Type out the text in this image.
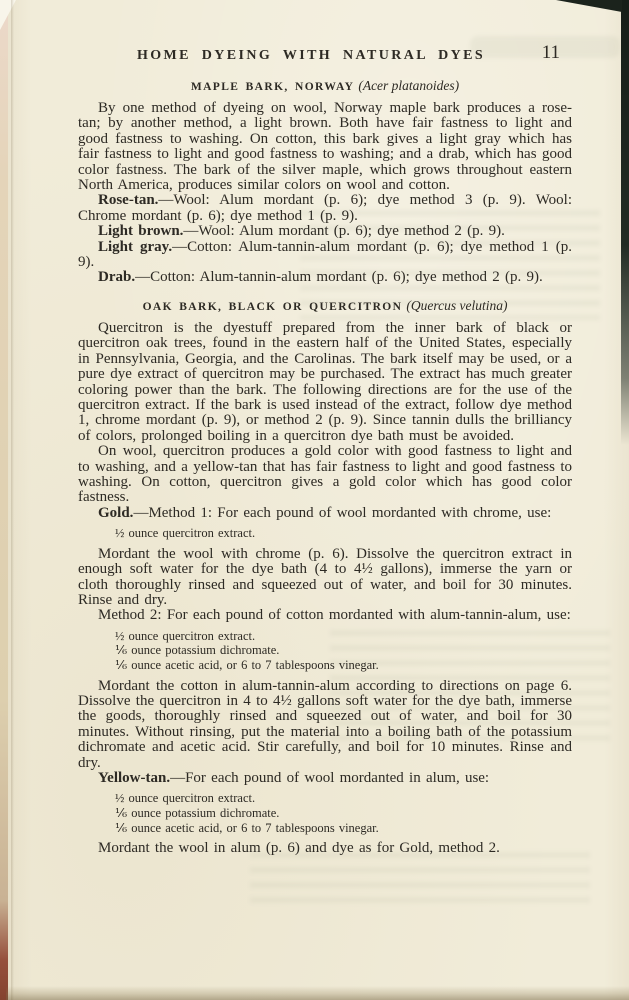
HOME DYEING WITH NATURAL DYES	11
MAPLE BARK, NORWAY (Acer platanoides)

By one method of dyeing on wool, Norway maple bark produces a rose-tan; by another method, a light brown. Both have fair fastness to light and good fastness to washing. On cotton, this bark gives a light gray which has fair fastness to light and good fastness to washing; and a drab, which has good color fastness. The bark of the silver maple, which grows throughout eastern North America, produces similar colors on wool and cotton.

Rose-tan.—Wool: Alum mordant (p. 6); dye method 3 (p. 9). Wool: Chrome mordant (p. 6); dye method 1 (p. 9).

Light brown.—Wool: Alum mordant (p. 6); dye method 2 (p. 9).

Light gray.—Cotton: Alum-tannin-alum mordant (p. 6); dye method 1 (p. 9).

Drab.—Cotton: Alum-tannin-alum mordant (p. 6); dye method 2 (p. 9).

OAK BARK, BLACK OR QUERCITRON (Quercus velutina)

Quercitron is the dyestuff prepared from the inner bark of black or quercitron oak trees, found in the eastern half of the United States, especially in Pennsylvania, Georgia, and the Carolinas. The bark itself may be used, or a pure dye extract of quercitron may be purchased. The extract has much greater coloring power than the bark. The following directions are for the use of the quercitron extract. If the bark is used instead of the extract, follow dye method 1, chrome mordant (p. 9), or method 2 (p. 9). Since tannin dulls the brilliancy of colors, prolonged boiling in a quercitron dye bath must be avoided.

On wool, quercitron produces a gold color with good fastness to light and to washing, and a yellow-tan that has fair fastness to light and good fastness to washing. On cotton, quercitron gives a gold color which has good color fastness.

Gold.—Method 1: For each pound of wool mordanted with chrome, use:

½ ounce quercitron extract.

Mordant the wool with chrome (p. 6). Dissolve the quercitron extract in enough soft water for the dye bath (4 to 4½ gallons), immerse the yarn or cloth thoroughly rinsed and squeezed out of water, and boil for 30 minutes. Rinse and dry.

Method 2: For each pound of cotton mordanted with alum-tannin-alum, use:

½ ounce quercitron extract.
⅙ ounce potassium dichromate.
⅙ ounce acetic acid, or 6 to 7 tablespoons vinegar.

Mordant the cotton in alum-tannin-alum according to directions on page 6. Dissolve the quercitron in 4 to 4½ gallons soft water for the dye bath, immerse the goods, thoroughly rinsed and squeezed out of water, and boil for 30 minutes. Without rinsing, put the material into a boiling bath of the potassium dichromate and acetic acid. Stir carefully, and boil for 10 minutes. Rinse and dry.

Yellow-tan.—For each pound of wool mordanted in alum, use:

½ ounce quercitron extract.
⅙ ounce potassium dichromate.
⅙ ounce acetic acid, or 6 to 7 tablespoons vinegar.

Mordant the wool in alum (p. 6) and dye as for Gold, method 2.
